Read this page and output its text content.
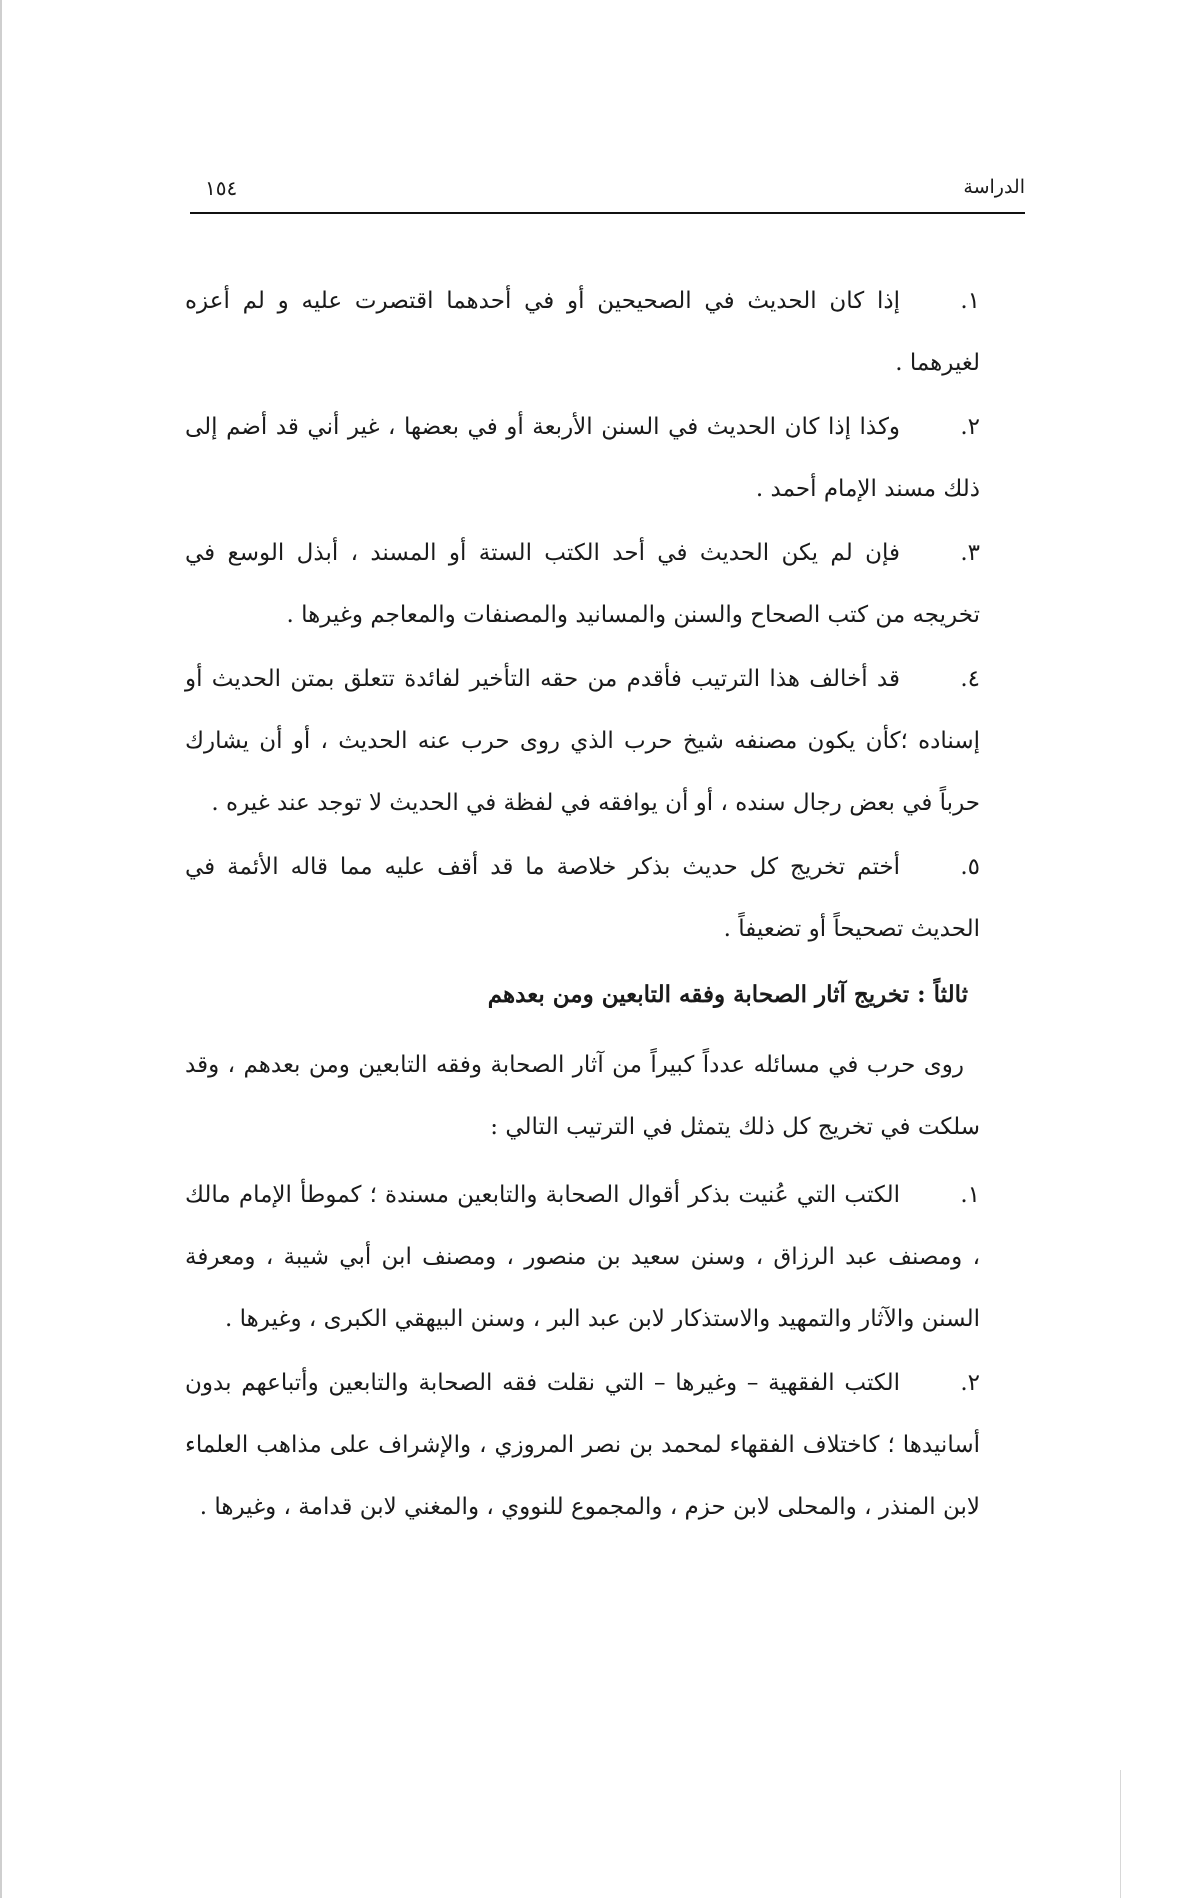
الدراسة
١٥٤

١.إذا كان الحديث في الصحيحين أو في أحدهما اقتصرت عليه و لم أعزه لغيرهما .

٢.وكذا إذا كان الحديث في السنن الأربعة أو في بعضها ، غير أني قد أضم إلى ذلك مسند الإمام أحمد .

٣.فإن لم يكن الحديث في أحد الكتب الستة أو المسند ، أبذل الوسع في تخريجه من كتب الصحاح والسنن والمسانيد والمصنفات والمعاجم وغيرها .

٤.قد أخالف هذا الترتيب فأقدم من حقه التأخير لفائدة تتعلق بمتن الحديث أو إسناده ؛كأن يكون مصنفه شيخ حرب الذي روى حرب عنه الحديث ، أو أن يشارك حرباً في بعض رجال سنده ، أو أن يوافقه في لفظة في الحديث لا توجد عند غيره .

٥.أختم تخريج كل حديث بذكر خلاصة ما قد أقف عليه مما قاله الأئمة في الحديث تصحيحاً أو تضعيفاً .

ثالثاً : تخريج آثار الصحابة وفقه التابعين ومن بعدهم

روى حرب في مسائله عدداً كبيراً من آثار الصحابة وفقه التابعين ومن بعدهم ، وقد سلكت في تخريج كل ذلك يتمثل في الترتيب التالي :

١.الكتب التي عُنيت بذكر أقوال الصحابة والتابعين مسندة ؛ كموطأ الإمام مالك ، ومصنف عبد الرزاق ، وسنن سعيد بن منصور ، ومصنف ابن أبي شيبة ، ومعرفة السنن والآثار والتمهيد والاستذكار لابن عبد البر ، وسنن البيهقي الكبرى ، وغيرها .

٢.الكتب الفقهية – وغيرها – التي نقلت فقه الصحابة والتابعين وأتباعهم بدون أسانيدها ؛ كاختلاف الفقهاء لمحمد بن نصر المروزي ، والإشراف على مذاهب العلماء لابن المنذر ، والمحلى لابن حزم ، والمجموع للنووي ، والمغني لابن قدامة ، وغيرها .
